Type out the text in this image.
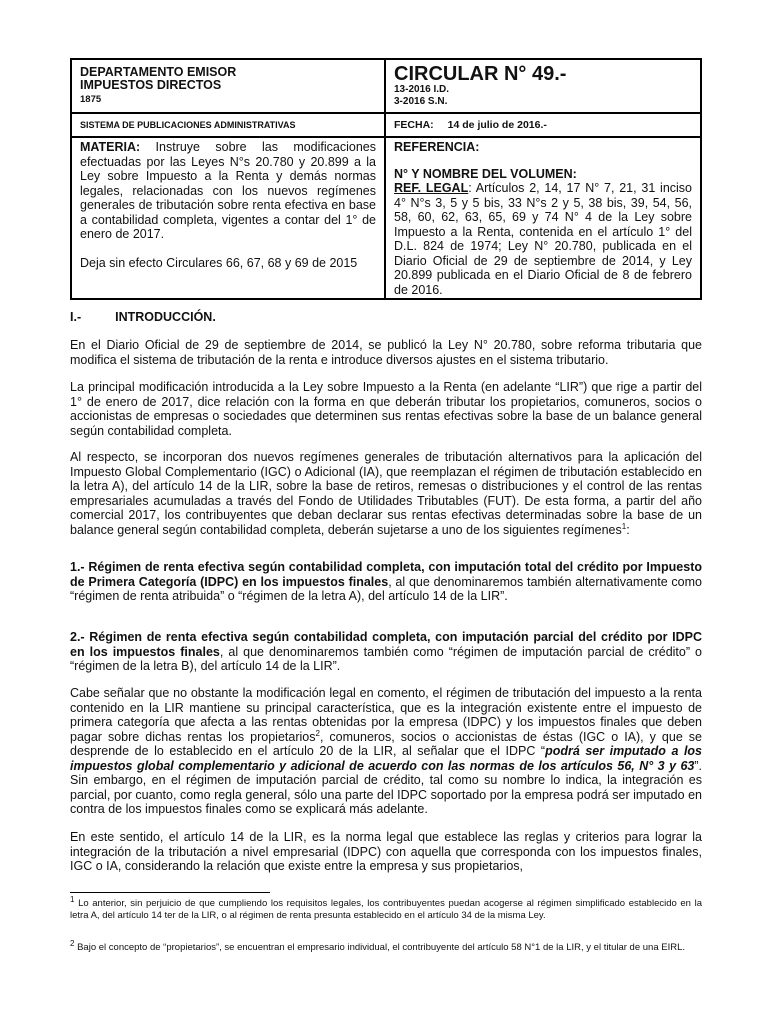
DEPARTAMENTO EMISOR
IMPUESTOS DIRECTOS
1875
CIRCULAR N° 49.-
13-2016 I.D.
3-2016 S.N.
SISTEMA DE PUBLICACIONES ADMINISTRATIVAS	FECHA: 14 de julio de 2016.-
MATERIA: Instruye sobre las modificaciones efectuadas por las Leyes N°s 20.780 y 20.899 a la Ley sobre Impuesto a la Renta y demás normas legales, relacionadas con los nuevos regímenes generales de tributación sobre renta efectiva en base a contabilidad completa, vigentes a contar del 1° de enero de 2017.
Deja sin efecto Circulares 66, 67, 68 y 69 de 2015
REFERENCIA:
N° Y NOMBRE DEL VOLUMEN:
REF. LEGAL: Artículos 2, 14, 17 N° 7, 21, 31 inciso 4° N°s 3, 5 y 5 bis, 33 N°s 2 y 5, 38 bis, 39, 54, 56, 58, 60, 62, 63, 65, 69 y 74 N° 4 de la Ley sobre Impuesto a la Renta, contenida en el artículo 1° del D.L. 824 de 1974; Ley N° 20.780, publicada en el Diario Oficial de 29 de septiembre de 2014, y Ley 20.899 publicada en el Diario Oficial de 8 de febrero de 2016.
I.-	INTRODUCCIÓN.

En el Diario Oficial de 29 de septiembre de 2014, se publicó la Ley N° 20.780, sobre reforma tributaria que modifica el sistema de tributación de la renta e introduce diversos ajustes en el sistema tributario.

La principal modificación introducida a la Ley sobre Impuesto a la Renta (en adelante “LIR”) que rige a partir del 1° de enero de 2017, dice relación con la forma en que deberán tributar los propietarios, comuneros, socios o accionistas de empresas o sociedades que determinen sus rentas efectivas sobre la base de un balance general según contabilidad completa.

Al respecto, se incorporan dos nuevos regímenes generales de tributación alternativos para la aplicación del Impuesto Global Complementario (IGC) o Adicional (IA), que reemplazan el régimen de tributación establecido en la letra A), del artículo 14 de la LIR, sobre la base de retiros, remesas o distribuciones y el control de las rentas empresariales acumuladas a través del Fondo de Utilidades Tributables (FUT). De esta forma, a partir del año comercial 2017, los contribuyentes que deban declarar sus rentas efectivas determinadas sobre la base de un balance general según contabilidad completa, deberán sujetarse a uno de los siguientes regímenes$^1$:

1.- Régimen de renta efectiva según contabilidad completa, con imputación total del crédito por Impuesto de Primera Categoría (IDPC) en los impuestos finales, al que denominaremos también alternativamente como “régimen de renta atribuida” o “régimen de la letra A), del artículo 14 de la LIR”.

2.- Régimen de renta efectiva según contabilidad completa, con imputación parcial del crédito por IDPC en los impuestos finales, al que denominaremos también como “régimen de imputación parcial de crédito” o “régimen de la letra B), del artículo 14 de la LIR”.

Cabe señalar que no obstante la modificación legal en comento, el régimen de tributación del impuesto a la renta contenido en la LIR mantiene su principal característica, que es la integración existente entre el impuesto de primera categoría que afecta a las rentas obtenidas por la empresa (IDPC) y los impuestos finales que deben pagar sobre dichas rentas los propietarios$^2$, comuneros, socios o accionistas de éstas (IGC o IA), y que se desprende de lo establecido en el artículo 20 de la LIR, al señalar que el IDPC “podrá ser imputado a los impuestos global complementario y adicional de acuerdo con las normas de los artículos 56, N° 3 y 63”. Sin embargo, en el régimen de imputación parcial de crédito, tal como su nombre lo indica, la integración es parcial, por cuanto, como regla general, sólo una parte del IDPC soportado por la empresa podrá ser imputado en contra de los impuestos finales como se explicará más adelante.

En este sentido, el artículo 14 de la LIR, es la norma legal que establece las reglas y criterios para lograr la integración de la tributación a nivel empresarial (IDPC) con aquella que corresponda con los impuestos finales, IGC o IA, considerando la relación que existe entre la empresa y sus propietarios,

$^1$ Lo anterior, sin perjuicio de que cumpliendo los requisitos legales, los contribuyentes puedan acogerse al régimen simplificado establecido en la letra A, del artículo 14 ter de la LIR, o al régimen de renta presunta establecido en el artículo 34 de la misma Ley.

$^2$ Bajo el concepto de “propietarios”, se encuentran el empresario individual, el contribuyente del artículo 58 N°1 de la LIR, y el titular de una EIRL.
